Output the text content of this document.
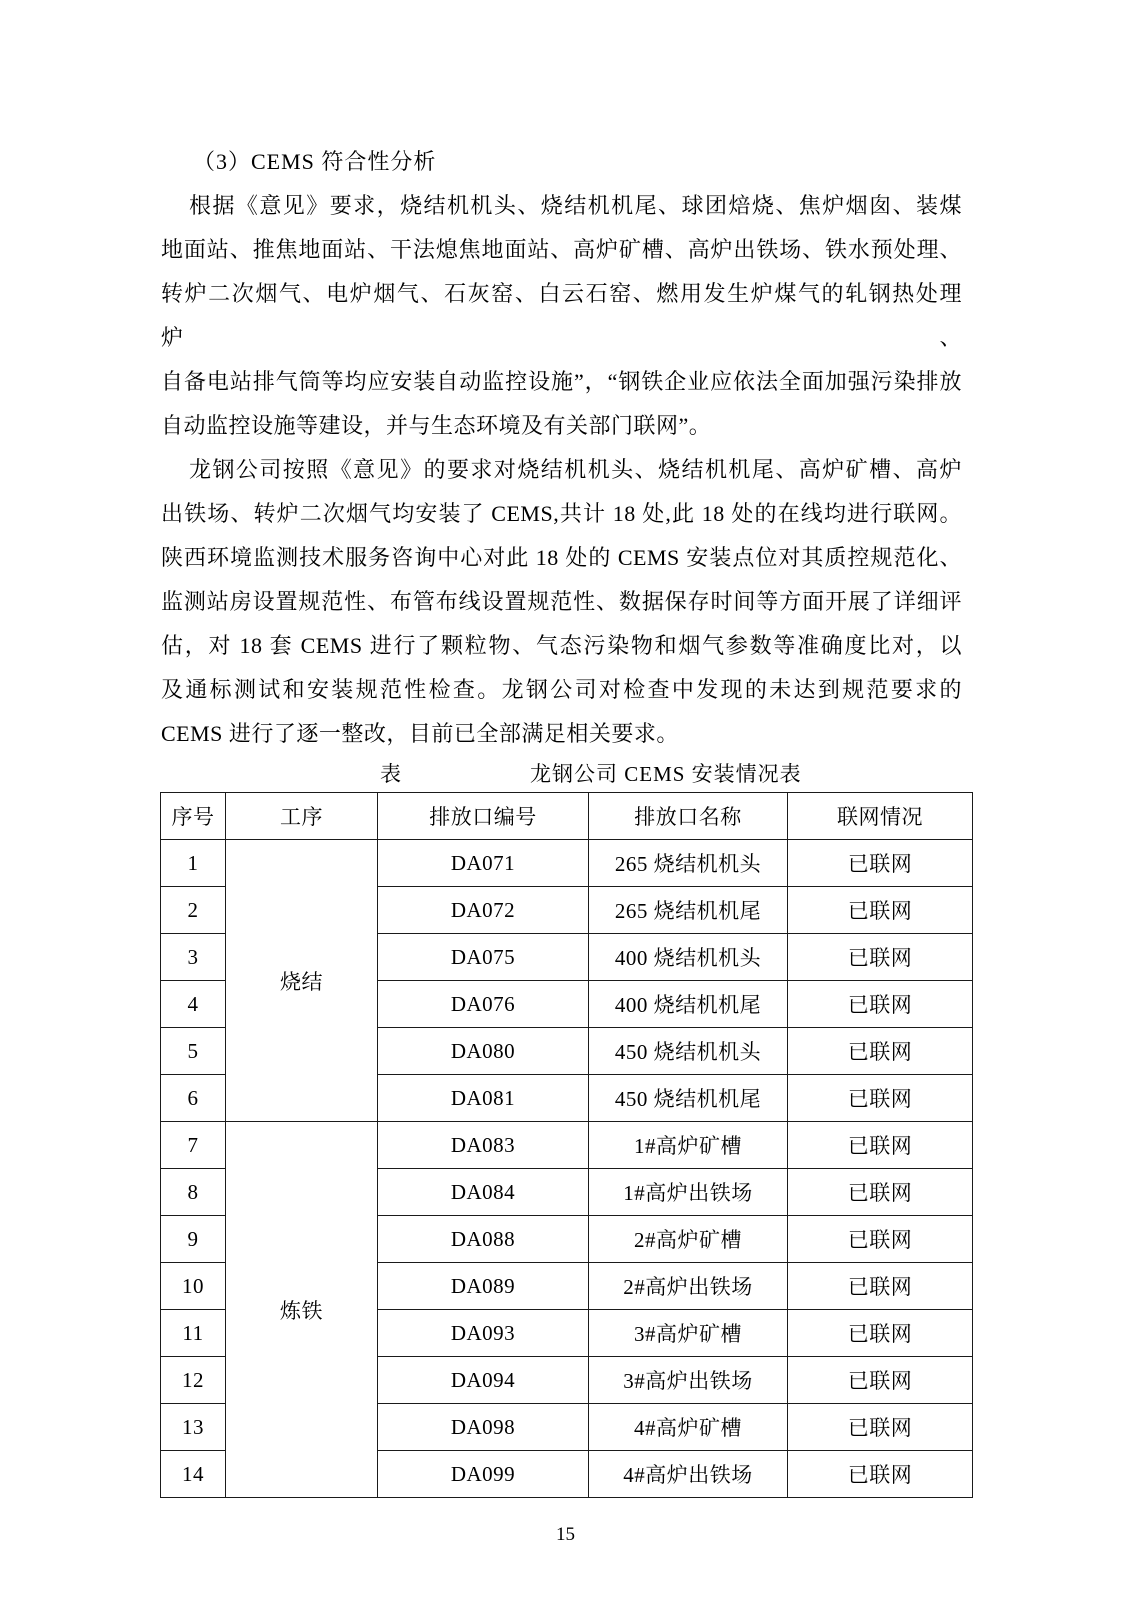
（3）CEMS 符合性分析
根据《意见》要求，烧结机机头、烧结机机尾、球团焙烧、焦炉烟囱、装煤
地面站、推焦地面站、干法熄焦地面站、高炉矿槽、高炉出铁场、铁水预处理、
转炉二次烟气、电炉烟气、石灰窑、白云石窑、燃用发生炉煤气的轧钢热处理炉、
自备电站排气筒等均应安装自动监控设施”，“钢铁企业应依法全面加强污染排放
自动监控设施等建设，并与生态环境及有关部门联网”。
龙钢公司按照《意见》的要求对烧结机机头、烧结机机尾、高炉矿槽、高炉
出铁场、转炉二次烟气均安装了 CEMS,共计 18 处,此 18 处的在线均进行联网。
陕西环境监测技术服务咨询中心对此 18 处的 CEMS 安装点位对其质控规范化、
监测站房设置规范性、布管布线设置规范性、数据保存时间等方面开展了详细评
估，对 18 套 CEMS 进行了颗粒物、气态污染物和烟气参数等准确度比对，以
及通标测试和安装规范性检查。龙钢公司对检查中发现的未达到规范要求的
CEMS 进行了逐一整改，目前已全部满足相关要求。
表	龙钢公司 CEMS 安装情况表
序号	工序	排放口编号	排放口名称	联网情况
1	烧结	DA071	265 烧结机机头	已联网
2		DA072	265 烧结机机尾	已联网
3		DA075	400 烧结机机头	已联网
4		DA076	400 烧结机机尾	已联网
5		DA080	450 烧结机机头	已联网
6		DA081	450 烧结机机尾	已联网
7	炼铁	DA083	1#高炉矿槽	已联网
8		DA084	1#高炉出铁场	已联网
9		DA088	2#高炉矿槽	已联网
10		DA089	2#高炉出铁场	已联网
11		DA093	3#高炉矿槽	已联网
12		DA094	3#高炉出铁场	已联网
13		DA098	4#高炉矿槽	已联网
14		DA099	4#高炉出铁场	已联网
15
